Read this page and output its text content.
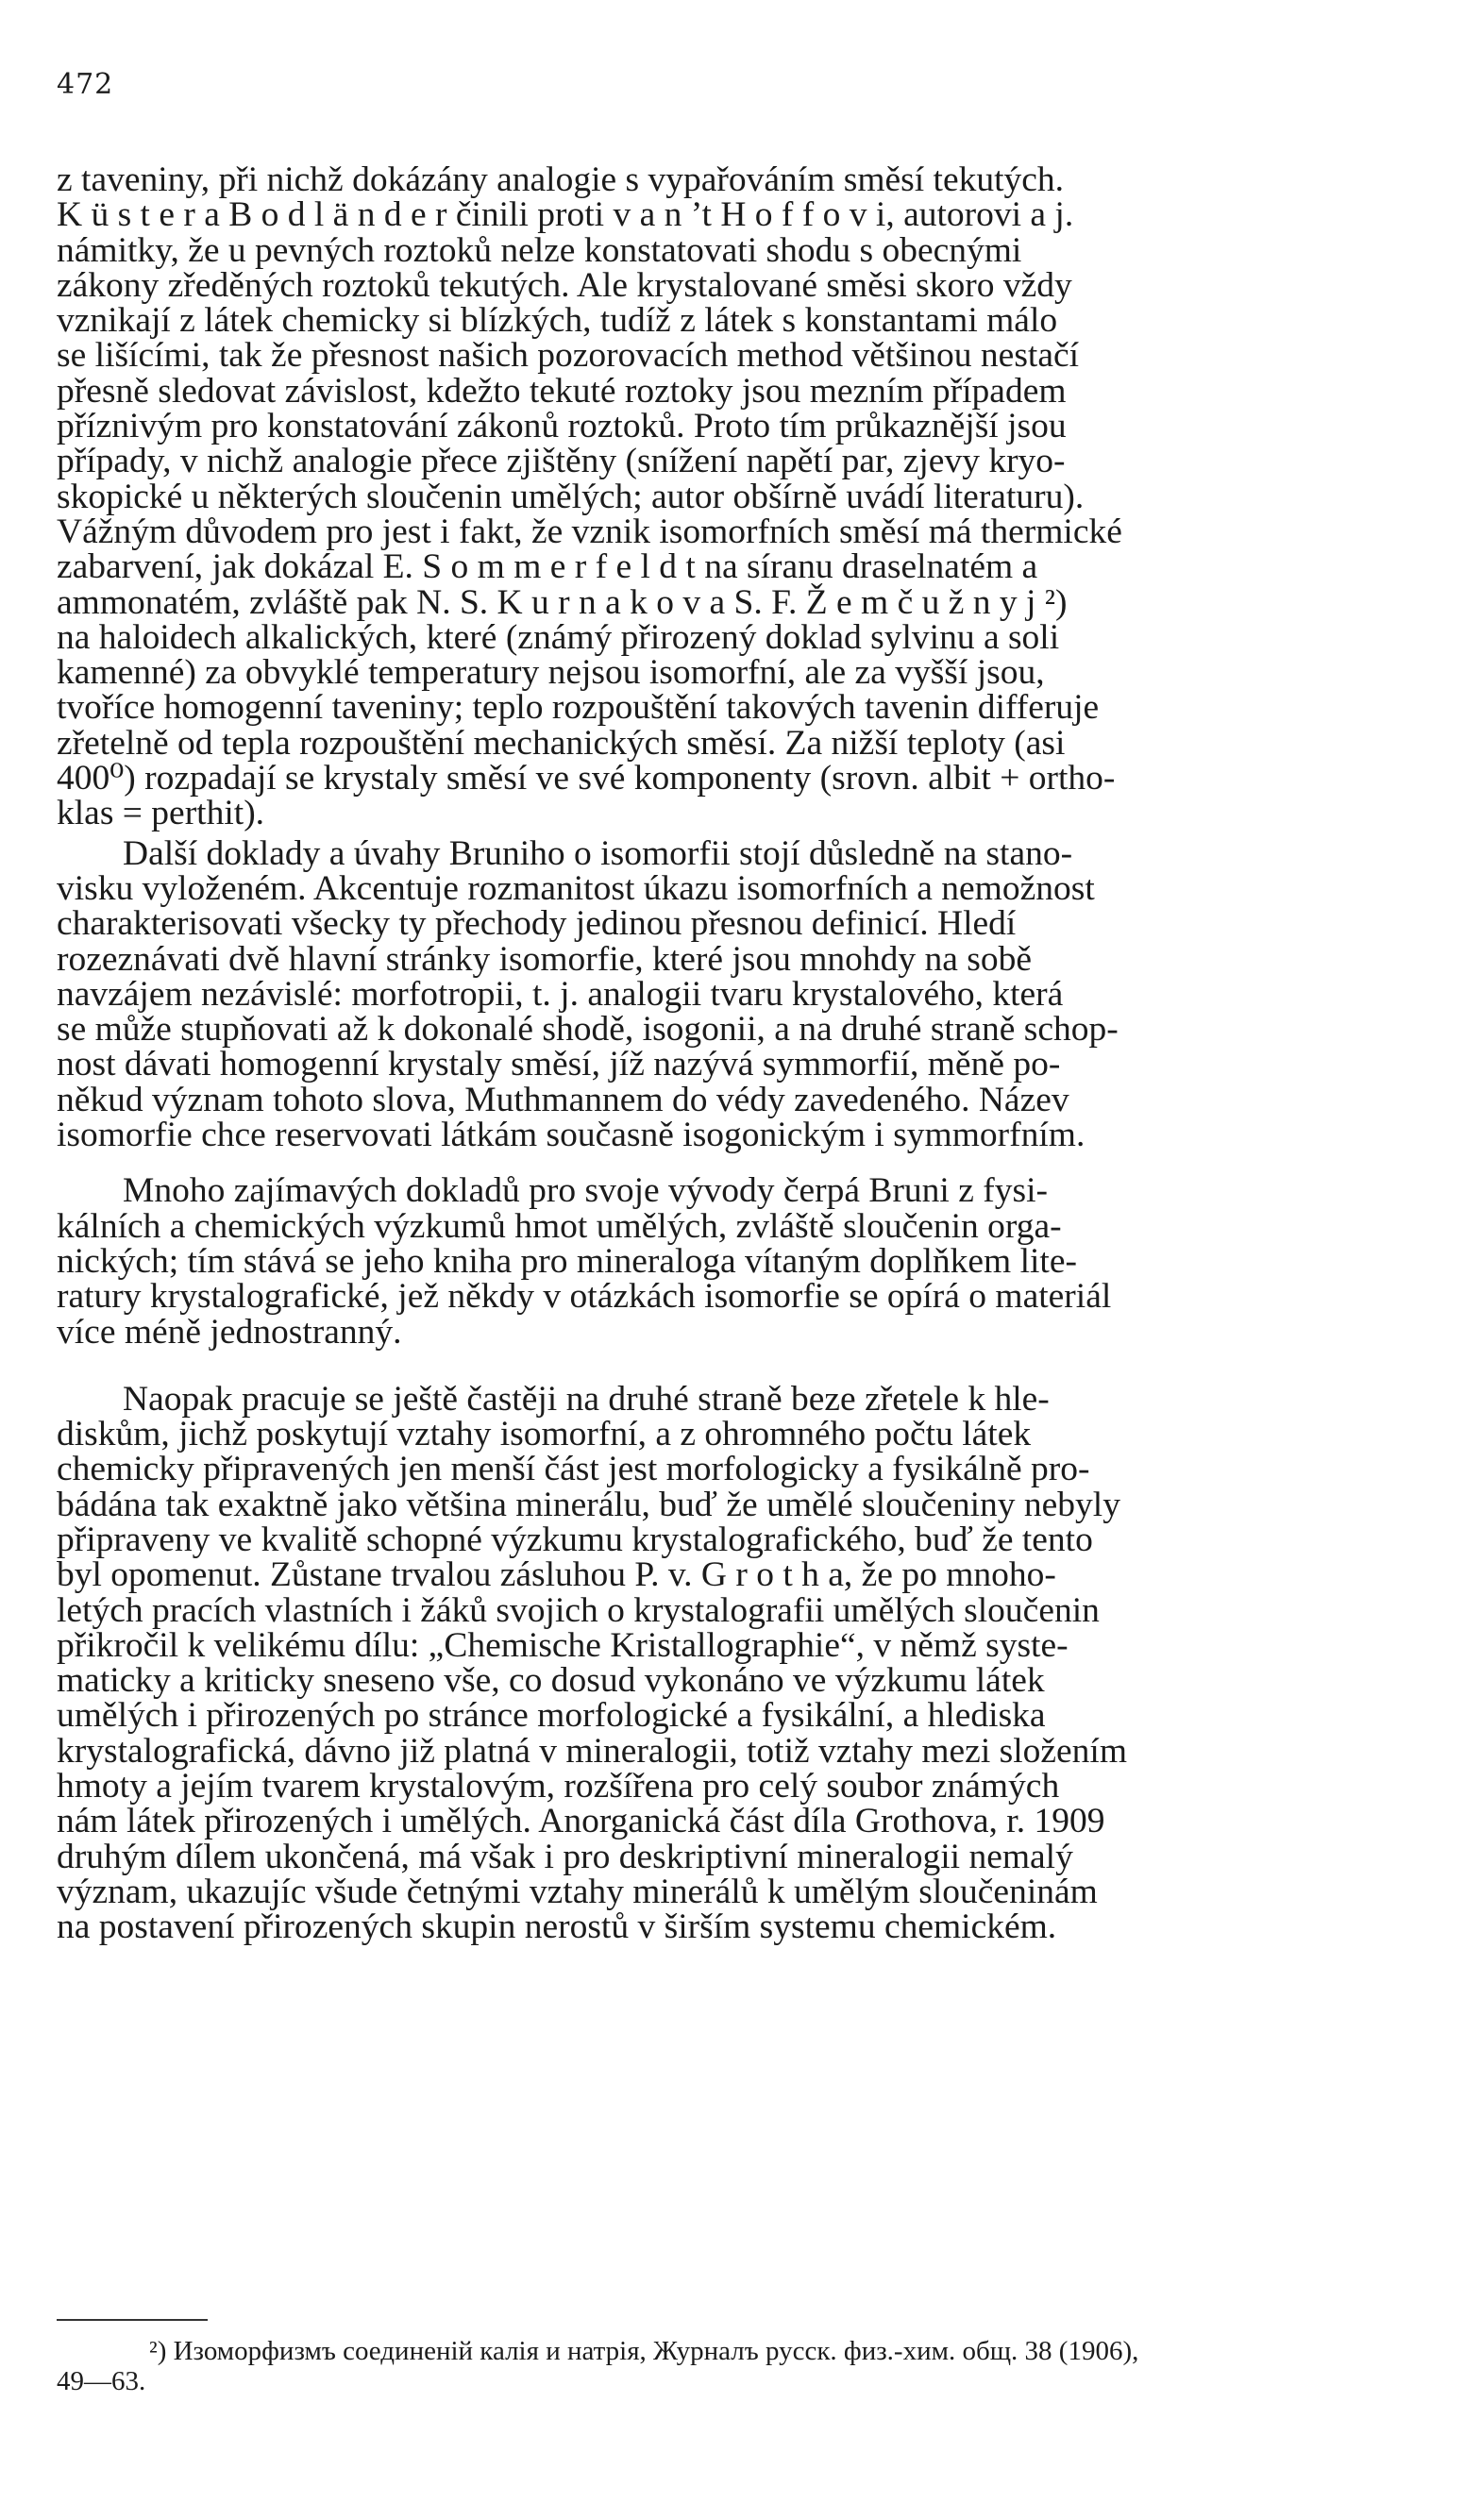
472

z taveniny, při nichž dokázány analogie s vypařováním směsí tekutých.
K ü s t e r a B o d l ä n d e r činili proti v a n ’t H o f f o v i, autorovi a j.
námitky, že u pevných roztoků nelze konstatovati shodu s obecnými
zákony zředěných roztoků tekutých. Ale krystalované směsi skoro vždy
vznikají z látek chemicky si blízkých, tudíž z látek s konstantami málo
se lišícími, tak že přesnost našich pozorovacích method většinou nestačí
přesně sledovat závislost, kdežto tekuté roztoky jsou mezním případem
příznivým pro konstatování zákonů roztoků. Proto tím průkaznější jsou
případy, v nichž analogie přece zjištěny (snížení napětí par, zjevy kryo-
skopické u některých sloučenin umělých; autor obšírně uvádí literaturu).
Vážným důvodem pro jest i fakt, že vznik isomorfních směsí má thermické
zabarvení, jak dokázal E. S o m m e r f e l d t na síranu draselnatém a
ammonatém, zvláště pak N. S. K u r n a k o v a S. F. Ž e m č u ž n y j ²)
na haloidech alkalických, které (známý přirozený doklad sylvinu a soli
kamenné) za obvyklé temperatury nejsou isomorfní, ale za vyšší jsou,
tvoříce homogenní taveniny; teplo rozpouštění takových tavenin differuje
zřetelně od tepla rozpouštění mechanických směsí. Za nižší teploty (asi
400⁰) rozpadají se krystaly směsí ve své komponenty (srovn. albit + ortho-
klas = perthit).

Další doklady a úvahy Bruniho o isomorfii stojí důsledně na stano-
visku vyloženém. Akcentuje rozmanitost úkazu isomorfních a nemožnost
charakterisovati všecky ty přechody jedinou přesnou definicí. Hledí
rozeznávati dvě hlavní stránky isomorfie, které jsou mnohdy na sobě
navzájem nezávislé: morfotropii, t. j. analogii tvaru krystalového, která
se může stupňovati až k dokonalé shodě, isogonii, a na druhé straně schop-
nost dávati homogenní krystaly směsí, jíž nazývá symmorfií, měně po-
někud význam tohoto slova, Muthmannem do védy zavedeného. Název
isomorfie chce reservovati látkám současně isogonickým i symmorfním.

Mnoho zajímavých dokladů pro svoje vývody čerpá Bruni z fysi-
kálních a chemických výzkumů hmot umělých, zvláště sloučenin orga-
nických; tím stává se jeho kniha pro mineraloga vítaným doplňkem lite-
ratury krystalografické, jež někdy v otázkách isomorfie se opírá o materiál
více méně jednostranný.

Naopak pracuje se ještě častěji na druhé straně beze zřetele k hle-
diskům, jichž poskytují vztahy isomorfní, a z ohromného počtu látek
chemicky připravených jen menší část jest morfologicky a fysikálně pro-
bádána tak exaktně jako většina minerálu, buď že umělé sloučeniny nebyly
připraveny ve kvalitě schopné výzkumu krystalografického, buď že tento
byl opomenut. Zůstane trvalou zásluhou P. v. G r o t h a, že po mnoho-
letých pracích vlastních i žáků svojich o krystalografii umělých sloučenin
přikročil k velikému dílu: „Chemische Kristallographie“, v němž syste-
maticky a kriticky sneseno vše, co dosud vykonáno ve výzkumu látek
umělých i přirozených po stránce morfologické a fysikální, a hlediska
krystalografická, dávno již platná v mineralogii, totiž vztahy mezi složením
hmoty a jejím tvarem krystalovým, rozšířena pro celý soubor známých
nám látek přirozených i umělých. Anorganická část díla Grothova, r. 1909
druhým dílem ukončená, má však i pro deskriptivní mineralogii nemalý
význam, ukazujíc všude četnými vztahy minerálů k umělým sloučeninám
na postavení přirozených skupin nerostů v širším systemu chemickém.

²) Изоморфизмъ соединенiй калiя и натрiя, Журналъ русск. физ.-хим. общ. 38 (1906),
49—63.
